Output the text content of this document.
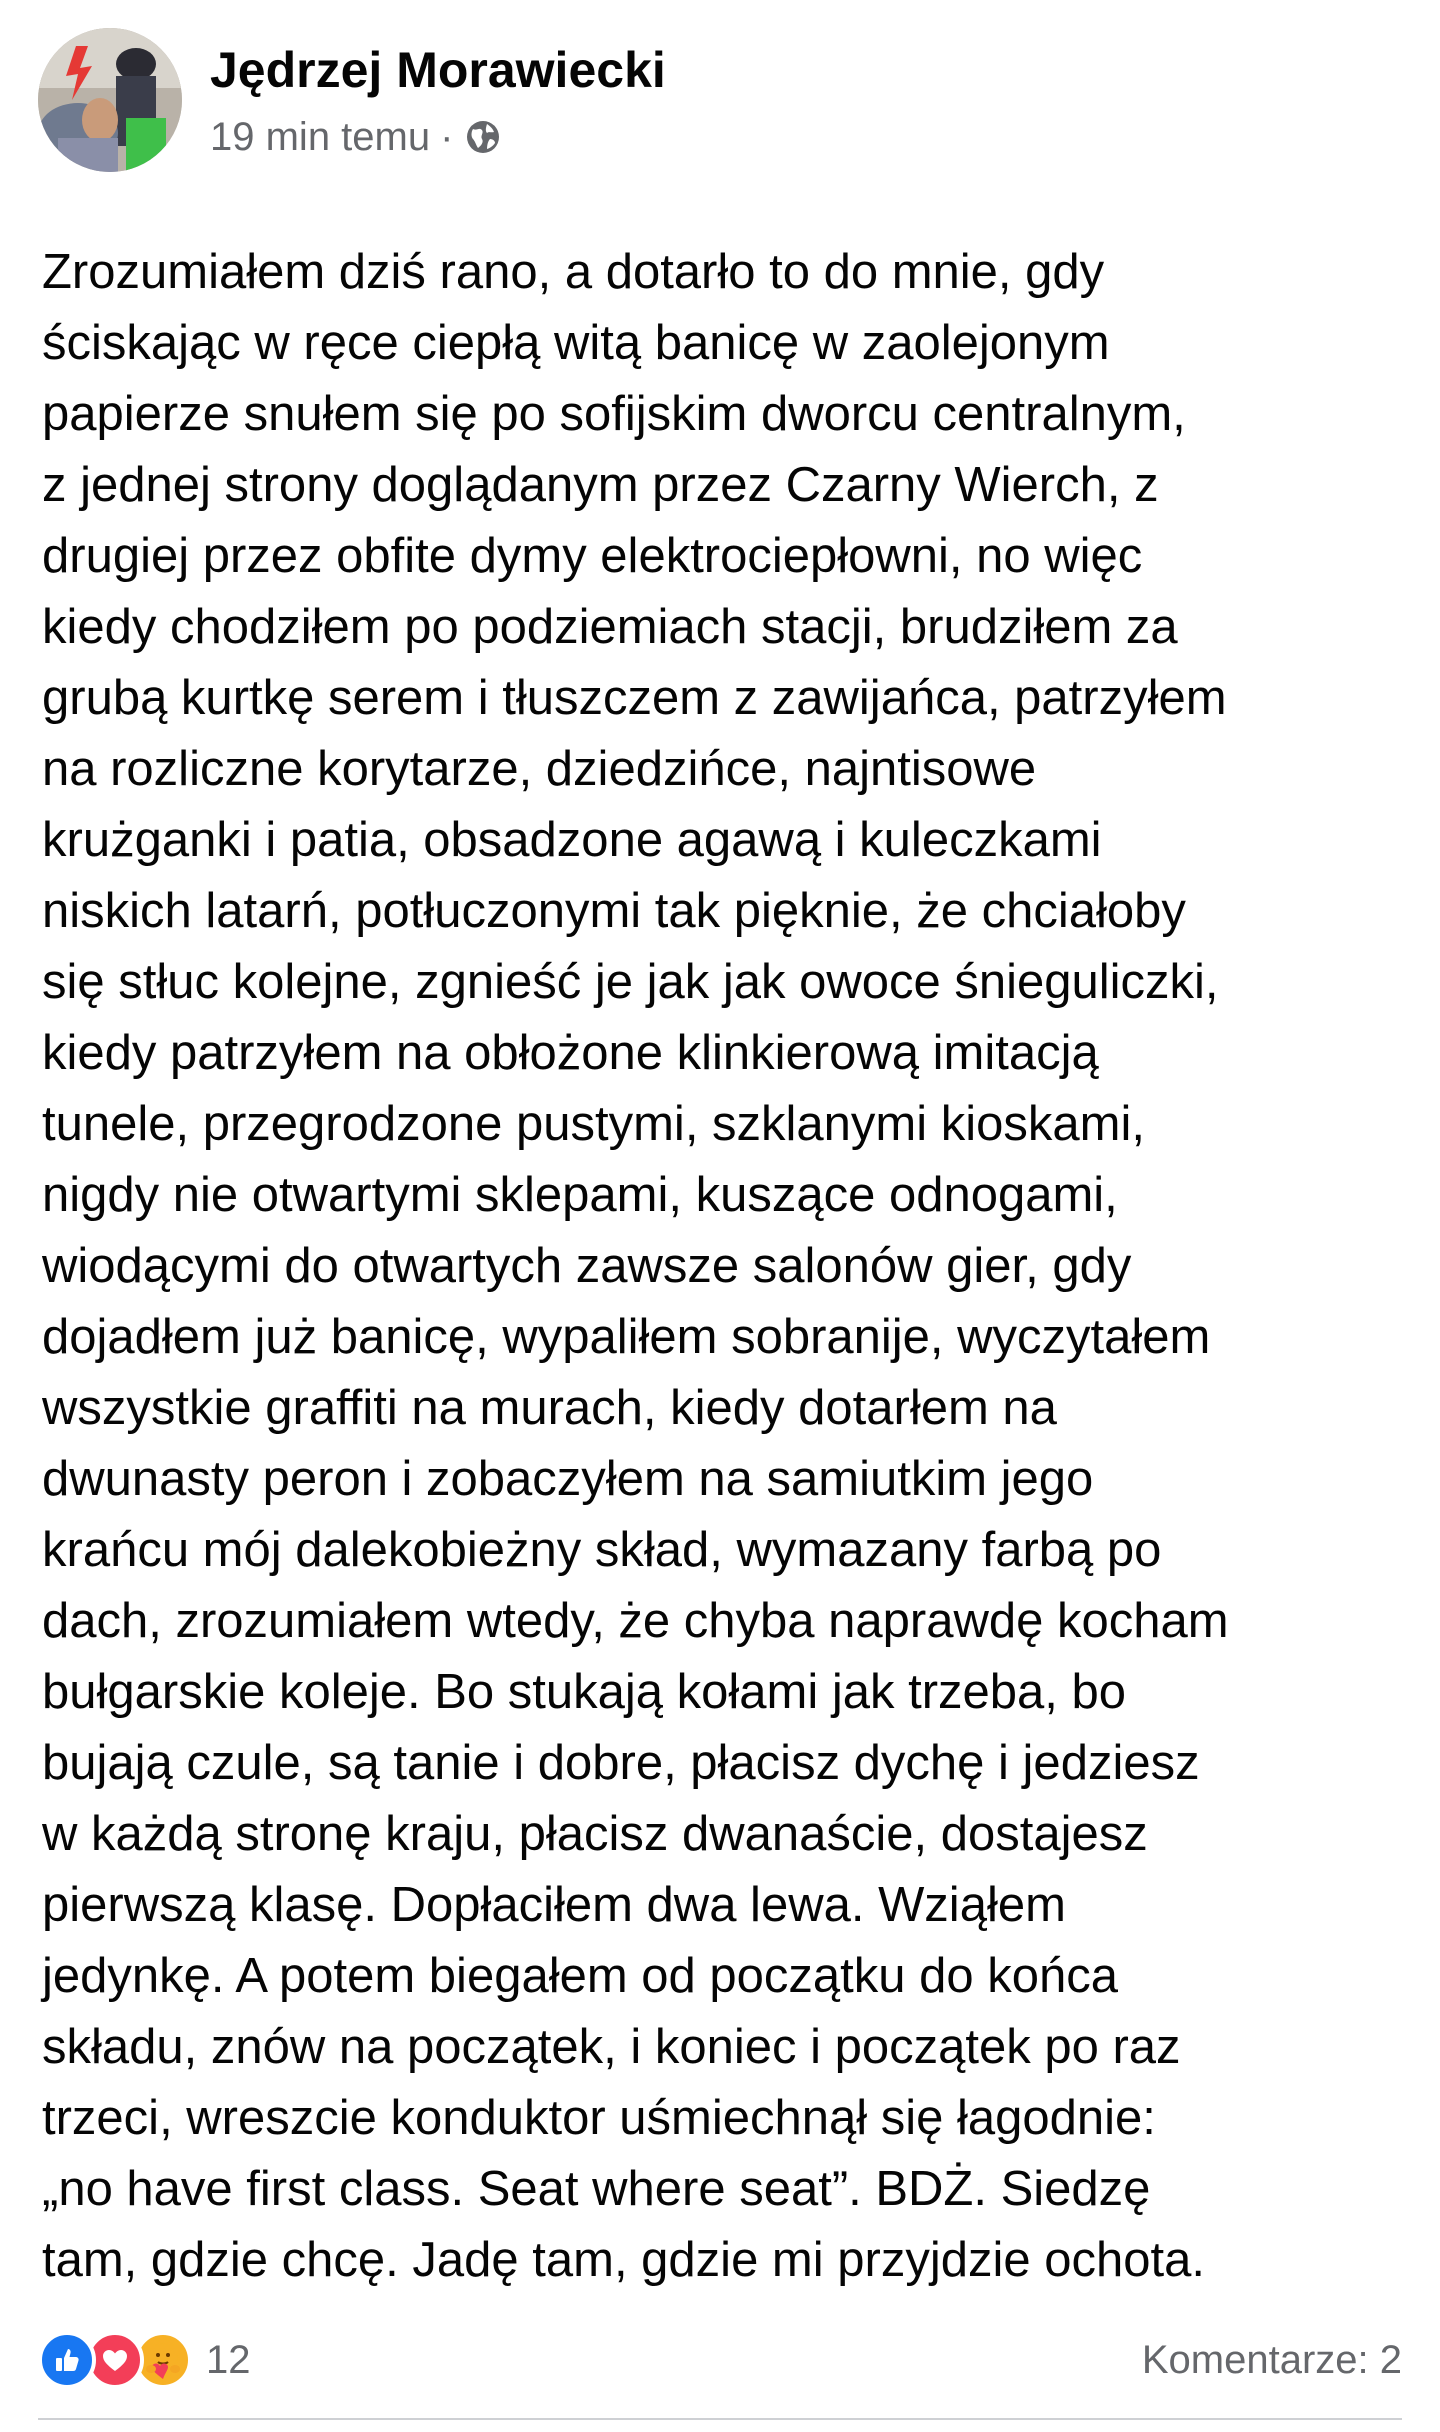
Jędrzej Morawiecki
19 min temu ·

Zrozumiałem dziś rano, a dotarło to do mnie, gdy
ściskając w ręce ciepłą witą banicę w zaolejonym
papierze snułem się po sofijskim dworcu centralnym,
z jednej strony doglądanym przez Czarny Wierch, z
drugiej przez obfite dymy elektrociepłowni, no więc
kiedy chodziłem po podziemiach stacji, brudziłem za
grubą kurtkę serem i tłuszczem z zawijańca, patrzyłem
na rozliczne korytarze, dziedzińce, najntisowe
krużganki i patia, obsadzone agawą i kuleczkami
niskich latarń, potłuczonymi tak pięknie, że chciałoby
się stłuc kolejne, zgnieść je jak jak owoce śnieguliczki,
kiedy patrzyłem na obłożone klinkierową imitacją
tunele, przegrodzone pustymi, szklanymi kioskami,
nigdy nie otwartymi sklepami, kuszące odnogami,
wiodącymi do otwartych zawsze salonów gier, gdy
dojadłem już banicę, wypaliłem sobranije, wyczytałem
wszystkie graffiti na murach, kiedy dotarłem na
dwunasty peron i zobaczyłem na samiutkim jego
krańcu mój dalekobieżny skład, wymazany farbą po
dach, zrozumiałem wtedy, że chyba naprawdę kocham
bułgarskie koleje. Bo stukają kołami jak trzeba, bo
bujają czule, są tanie i dobre, płacisz dychę i jedziesz
w każdą stronę kraju, płacisz dwanaście, dostajesz
pierwszą klasę. Dopłaciłem dwa lewa. Wziąłem
jedynkę. A potem biegałem od początku do końca
składu, znów na początek, i koniec i początek po raz
trzeci, wreszcie konduktor uśmiechnął się łagodnie:
„no have first class. Seat where seat”. BDŻ. Siedzę
tam, gdzie chcę. Jadę tam, gdzie mi przyjdzie ochota.

12	Komentarze: 2
